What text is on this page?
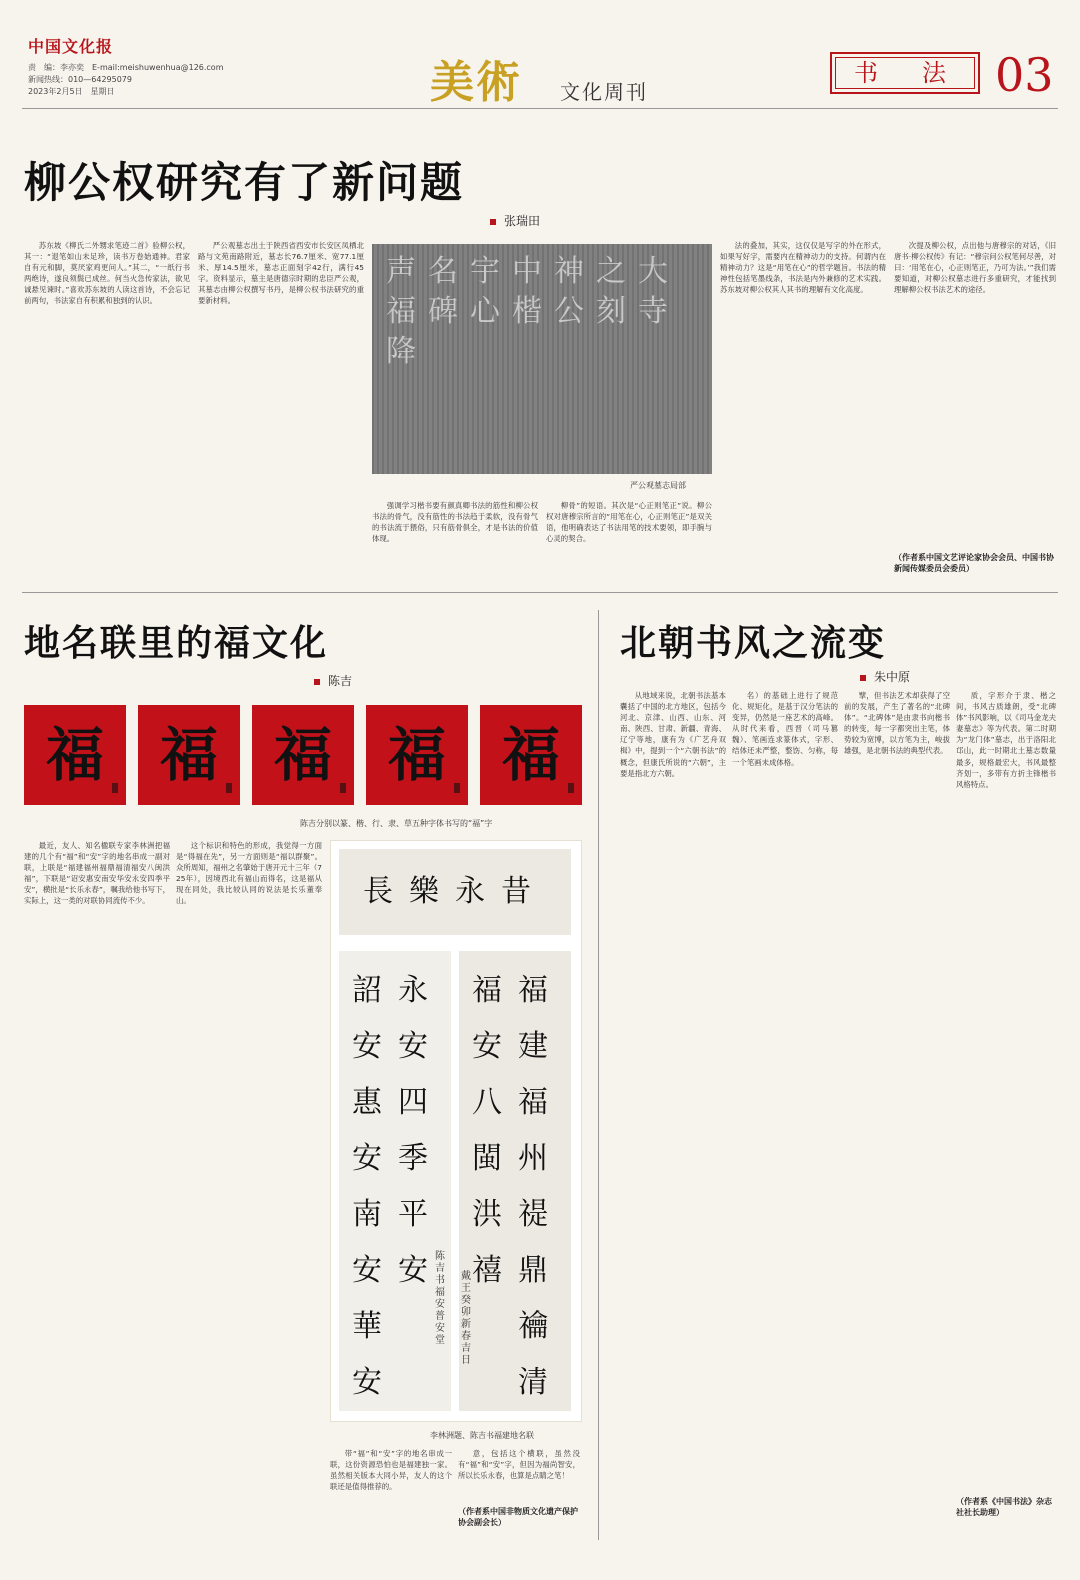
中国文化报
责　编：李亦奕　E-mail:meishuwenhua@126.com
新闻热线：010—64295079
2023年2月5日　星期日	美術 文化周刊
书　法 03
柳公权研究有了新问题
张瑞田

苏东坡《柳氏二外甥求笔迹二首》验柳公权，其一：“退笔如山未足珍，读书万卷始通神。君家自有元和脚，莫厌家鸡更问人。”其二，“一纸行书两绝诗，遂良须鬓已成丝。何当火急传家法，欲见诚悬见谏时。”喜欢苏东坡的人读这首诗，不会忘记前两句，书法家自有积累和独到的认识。

严公观墓志出土于陕西省西安市长安区凤栖北路与文苑南路附近，墓志长76.7厘米、宽77.1厘米、厚14.5厘米，墓志正面刻字42行，满行45字。资料显示，墓主是唐德宗时期的忠臣严公观，其墓志由柳公权撰写书丹，是柳公权书法研究的重要新材料。

声名宇中神之大福碑心楷公刻寺降
严公观墓志局部

强调学习楷书要有颜真卿书法的筋性和柳公权书法的骨气，没有筋性的书法趋于柔软，没有骨气的书法流于猥俗，只有筋骨俱全，才是书法的价值体现。

柳骨”的短语。其次是“心正则笔正”说。柳公权对唐穆宗所言的“用笔在心，心正则笔正”是双关语，他明确表达了书法用笔的技术要领，即手腕与心灵的契合。

法的叠加，其实，这仅仅是写字的外在形式，如果写好字，需要内在精神动力的支持。何谓内在精神动力？这是“用笔在心”的哲学题旨。书法的精神性包括笔墨线条，书法是内外兼修的艺术实践。苏东坡对柳公权其人其书的理解有文化高度。

次提及柳公权，点出他与唐穆宗的对话，《旧唐书·柳公权传》有记：“穆宗问公权笔何尽善，对曰：‘用笔在心，心正则笔正，乃可为法。’”我们需要知道，对柳公权墓志进行多重研究，才能找到理解柳公权书法艺术的途径。

（作者系中国文艺评论家协会会员、中国书协新闻传媒委员会委员）
地名联里的福文化
陈吉
福 福 福 福 福
陈吉分别以篆、楷、行、隶、草五种字体书写的“福”字

最近，友人、知名楹联专家李林洲把福建的几个有“福”和“安”字的地名串成一副对联，上联是“福建福州福鼎福清福安八闽洪福”，下联是“诏安惠安南安华安永安四季平安”，横批是“长乐永春”，嘱我给他书写下，实际上，这一类的对联协同流传不少。

这个标识和特色的形成，我觉得一方面是“得福在先”，另一方面则是“福以群聚”。众所周知，福州之名肇始于唐开元十三年（725年），因境西北有福山而得名，这是福从现在同处，我比较认同的说法是长乐董奉山。	長樂永昔
詔安惠安南安華安
永安四季平安 陈吉书福安普安堂
福安八閩洪禧
福建福州禔鼎禴清
戴王癸卯新春吉日
李林洲题、陈吉书福建地名联

带“福”和“安”字的地名串成一联，这份资源恐怕也是福建独一家。虽然相关版本大同小异，友人的这个联还是值得推荐的。

意，包括这个横联，虽然没有“福”和“安”字，但因为福尚智安，所以长乐永春，也算是点睛之笔！

（作者系中国非物质文化遗产保护协会副会长）
北朝书风之流变
朱中原

从地域来说，北朝书法基本囊括了中国的北方地区，包括今河北、京津、山西、山东、河南、陕西、甘肃、新疆、青海、辽宁等地，康有为《广艺舟双楫》中，提到一个“六朝书法”的概念，但康氏所说的“六朝”，主要是指北方六朝。

名）的基础上进行了规范化、规矩化，是基于汉分笔法的变异，仍然是一座艺术的高峰。从时代来看，西晋（司马篡魏）、笔画连求篆体式，字形、结体还未严整，整饬、匀称，每一个笔画未成体格。

擘，但书法艺术却获得了空前的发展，产生了著名的“北碑体”。“北碑体”是由隶书向楷书的转变，每一字都突出主笔，体势较为宽博，以方笔为主，峻拔雄强，是北朝书法的典型代表。

质，字形介于隶、楷之间，书风古质雄朗，受“北碑体”书风影响，以《司马金龙夫妻墓志》等为代表。第二时期为“龙门体”墓志，出于洛阳北邙山，此一时期北土墓志数量最多，规格最宏大，书风最整齐划一，多带有方折主锋楷书风格特点。

（作者系《中国书法》杂志社社长助理）
